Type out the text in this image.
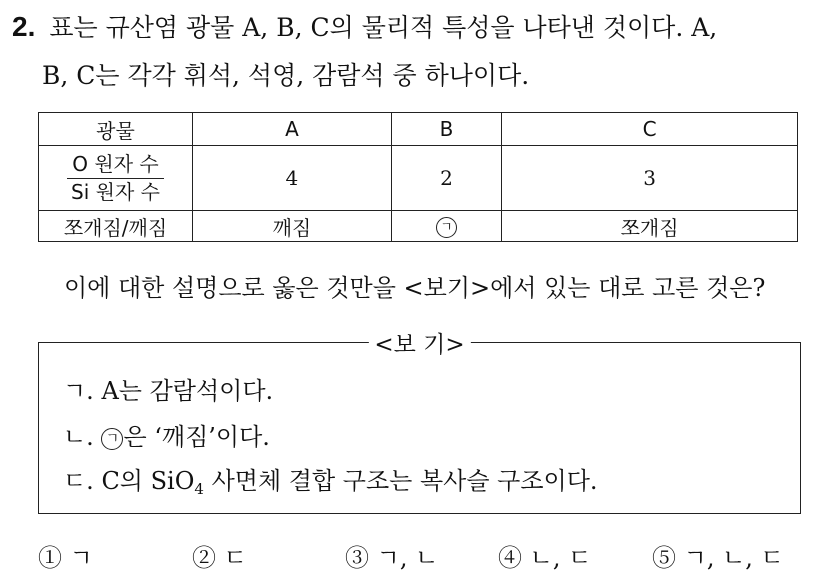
2. 표는 규산염 광물 A, B, C의 물리적 특성을 나타낸 것이다. A,
B, C는 각각 휘석, 석영, 감람석 중 하나이다.
광물	A	B	C

$\frac{\text{O 원자 수}}{\text{Si 원자 수}}$	4	2	3
쪼개짐/깨짐	깨짐	ㄱ	쪼개짐
이에 대한 설명으로 옳은 것만을 <보기>에서 있는 대로 고른 것은?
<보 기>
ㄱ. A는 감람석이다.
ㄴ. ㄱ 은 ‘깨짐’이다.
ㄷ. C의 SiO$_4$ 사면체 결합 구조는 복사슬 구조이다.
① ㄱ	② ㄷ	③ ㄱ, ㄴ ④ ㄴ, ㄷ	⑤ ㄱ, ㄴ, ㄷ
